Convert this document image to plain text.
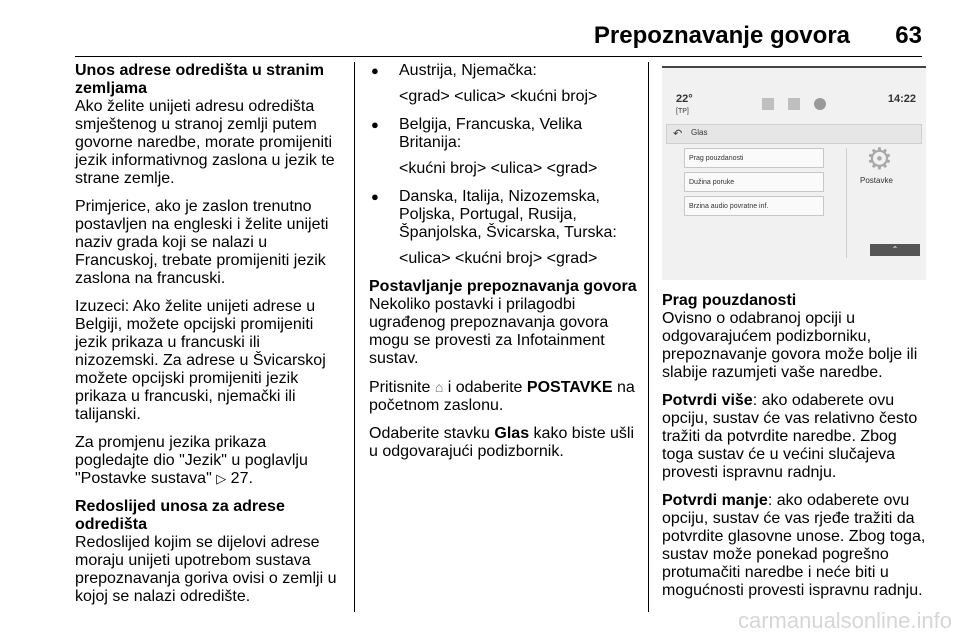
Prepoznavanje govora 63

Unos adrese odredišta u stranim zemljama
Ako želite unijeti adresu odredišta smještenog u stranoj zemlji putem govorne naredbe, morate promijeniti jezik informativnog zaslona u jezik te strane zemlje.

Primjerice, ako je zaslon trenutno postavljen na engleski i želite unijeti naziv grada koji se nalazi u Francuskoj, trebate promijeniti jezik zaslona na francuski.

Izuzeci: Ako želite unijeti adrese u Belgiji, možete opcijski promijeniti jezik prikaza u francuski ili nizozemski. Za adrese u Švicarskoj možete opcijski promijeniti jezik prikaza u francuski, njemački ili talijanski.

Za promjenu jezika prikaza pogledajte dio "Jezik" u poglavlju "Postavke sustava" ▷ 27.

Redoslijed unosa za adrese odredišta
Redoslijed kojim se dijelovi adrese moraju unijeti upotrebom sustava prepoznavanja goriva ovisi o zemlji u kojoj se nalazi odredište.

● Austrija, Njemačka:
<grad> <ulica> <kućni broj>
● Belgija, Francuska, Velika Britanija:
<kućni broj> <ulica> <grad>
● Danska, Italija, Nizozemska, Poljska, Portugal, Rusija, Španjolska, Švicarska, Turska:
<ulica> <kućni broj> <grad>

Postavljanje prepoznavanja govora
Nekoliko postavki i prilagodbi ugrađenog prepoznavanja govora mogu se provesti za Infotainment sustav.

Pritisnite ⌂ i odaberite POSTAVKE na početnom zaslonu.

Odaberite stavku Glas kako biste ušli u odgovarajući podizbornik.

22°
[TP]
14:22
↶ Glas
Prag pouzdanosti
Dužina poruke
Brzina audio povratne inf.
⚙
Postavke
⌃

Prag pouzdanosti
Ovisno o odabranoj opciji u odgovarajućem podizborniku, prepoznavanje govora može bolje ili slabije razumjeti vaše naredbe.

Potvrdi više: ako odaberete ovu opciju, sustav će vas relativno često tražiti da potvrdite naredbe. Zbog toga sustav će u većini slučajeva provesti ispravnu radnju.

Potvrdi manje: ako odaberete ovu opciju, sustav će vas rjeđe tražiti da potvrdite glasovne unose. Zbog toga, sustav može ponekad pogrešno protumačiti naredbe i neće biti u mogućnosti provesti ispravnu radnju.

carmanualsonline.info
